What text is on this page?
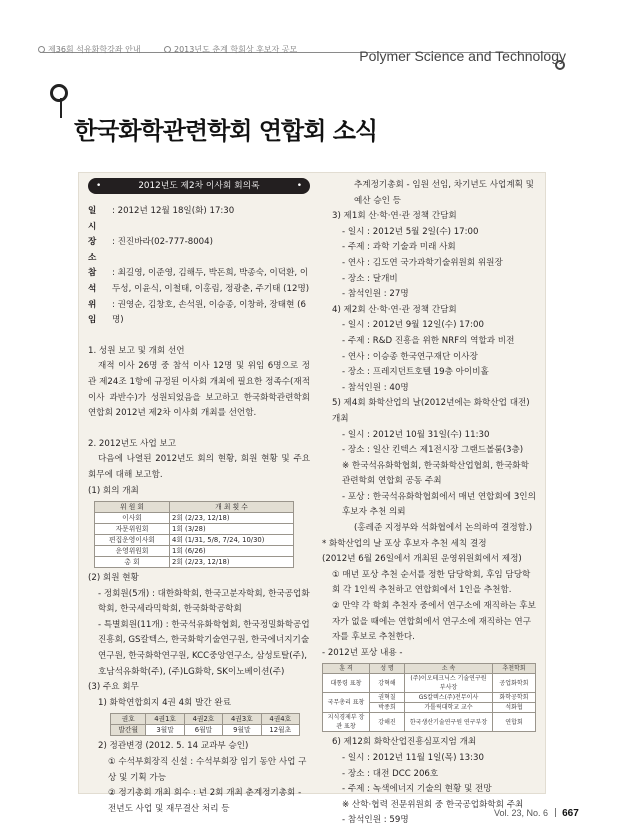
제36회 석유화학강좌 안내	2013년도 춘계 학회상 후보자 공모	Polymer Science and Technology
한국화학관련학회 연합회 소식
• 2012년도 제2차 이사회 회의록 •
일 시
: 2012년 12월 18일(화) 17:30
장 소
: 진진바라(02-777-8004)
참 석
: 최길영, 이준영, 김해두, 박돈희, 박종숙, 이덕환, 이두성, 이윤식, 이철태, 이홍림, 정광춘, 주기태 (12명)
위 임
: 권영순, 김창호, 손석원, 이승종, 이창하, 장태현 (6명)
1. 성원 보고 및 개회 선언
재적 이사 26명 중 참석 이사 12명 및 위임 6명으로 정관 제24조 1항에 규정된 이사회 개최에 필요한 정족수(재적 이사 과반수)가 성원되었음을 보고하고 한국화학관련학회 연합회 2012년 제2차 이사회 개최를 선언함.
2. 2012년도 사업 보고
다음에 나열된 2012년도 회의 현황, 회원 현황 및 주요 회무에 대해 보고함.
(1) 회의 개최
위 원 회	개 최 횟 수
이사회	2회 (2/23, 12/18)
자문위원회	1회 (3/28)
편집운영이사회	4회 (1/31, 5/8, 7/24, 10/30)
운영위원회	1회 (6/26)
총 회	2회 (2/23, 12/18)
(2) 회원 현황
- 정회원(5개) : 대한화학회, 한국고분자학회, 한국공업화학회, 한국세라믹학회, 한국화학공학회
- 특별회원(11개) : 한국석유화학협회, 한국정밀화학공업진흥회, GS칼텍스, 한국화학기술연구원, 한국에너지기술연구원, 한국화학연구원, KCC중앙연구소, 삼성토탈(주), 호남석유화학(주), (주)LG화학, SK이노베이션(주)
(3) 주요 회무
1) 화학연합회지 4권 4회 발간 완료
권호	4권1호	4권2호	4권3호	4권4호
발간월	3월말	6월말	9월말	12월초
2) 정관변경 (2012. 5. 14 교과부 승인)
① 수석부회장직 신설 : 수석부회장 임기 동안 사업 구상 및 기획 가능
② 정기총회 개최 회수 : 년 2회 개최 춘계정기총회 - 전년도 사업 및 재무결산 처리 등
추계정기총회 - 임원 선임, 차기년도 사업계획 및 예산 승인 등
3) 제1회 산·학·연·관 정책 간담회
- 일시 : 2012년 5월 2일(수) 17:00
- 주제 : 과학 기술과 미래 사회
- 연사 : 김도연 국가과학기술위원회 위원장
- 장소 : 달개비
- 참석인원 : 27명
4) 제2회 산·학·연·관 정책 간담회
- 일시 : 2012년 9월 12일(수) 17:00
- 주제 : R&D 진흥을 위한 NRF의 역할과 비전
- 연사 : 이승종 한국연구재단 이사장
- 장소 : 프레지던트호텔 19층 아이비홀
- 참석인원 : 40명
5) 제4회 화학산업의 날(2012년에는 화학산업 대전) 개최
- 일시 : 2012년 10월 31일(수) 11:30
- 장소 : 일산 킨텍스 제1전시장 그랜드볼룸(3층)
※ 한국석유화학협회, 한국화학산업협회, 한국화학관련학회 연합회 공동 주최
- 포상 : 한국석유화학협회에서 매년 연합회에 3인의 후보자 추천 의뢰
(홍레준 지정부와 석화협에서 논의하여 결정함.)
* 화학산업의 날 포상 후보자 추천 세칙 결정
(2012년 6월 26일에서 개최된 운영위원회에서 제정)
① 매년 포상 추천 순서를 정한 담당학회, 후임 담당학회 각 1인씩 추천하고 연합회에서 1인을 추천함.
② 만약 각 학회 추천자 중에서 연구소에 재직하는 후보자가 없을 때에는 연합회에서 연구소에 재직하는 연구자를 후보로 추천한다.
- 2012년 포상 내용 -
훈 격	성 명	소 속	추천학회
대통령 표창	강혁해	(주)이오테크닉스 기술연구원 부사장	공업화학회
국무총리 표창	권혁칠	GS칼텍스(주)전무이사	화학공학회
	박종희	가톨릭대학교 교수	석화협
지식경제부 장관 표창	강해진	한국생산기술연구원 연구부장	연합회
6) 제12회 화학산업진흥심포지엄 개최
- 일시 : 2012년 11월 1일(목) 13:30
- 장소 : 대전 DCC 206호
- 주제 : 녹색에너지 기술의 현황 및 전망
※ 산학·협력 전문위원회 중 한국공업화학회 주최
- 참석인원 : 59명
Vol. 23, No. 6 667
